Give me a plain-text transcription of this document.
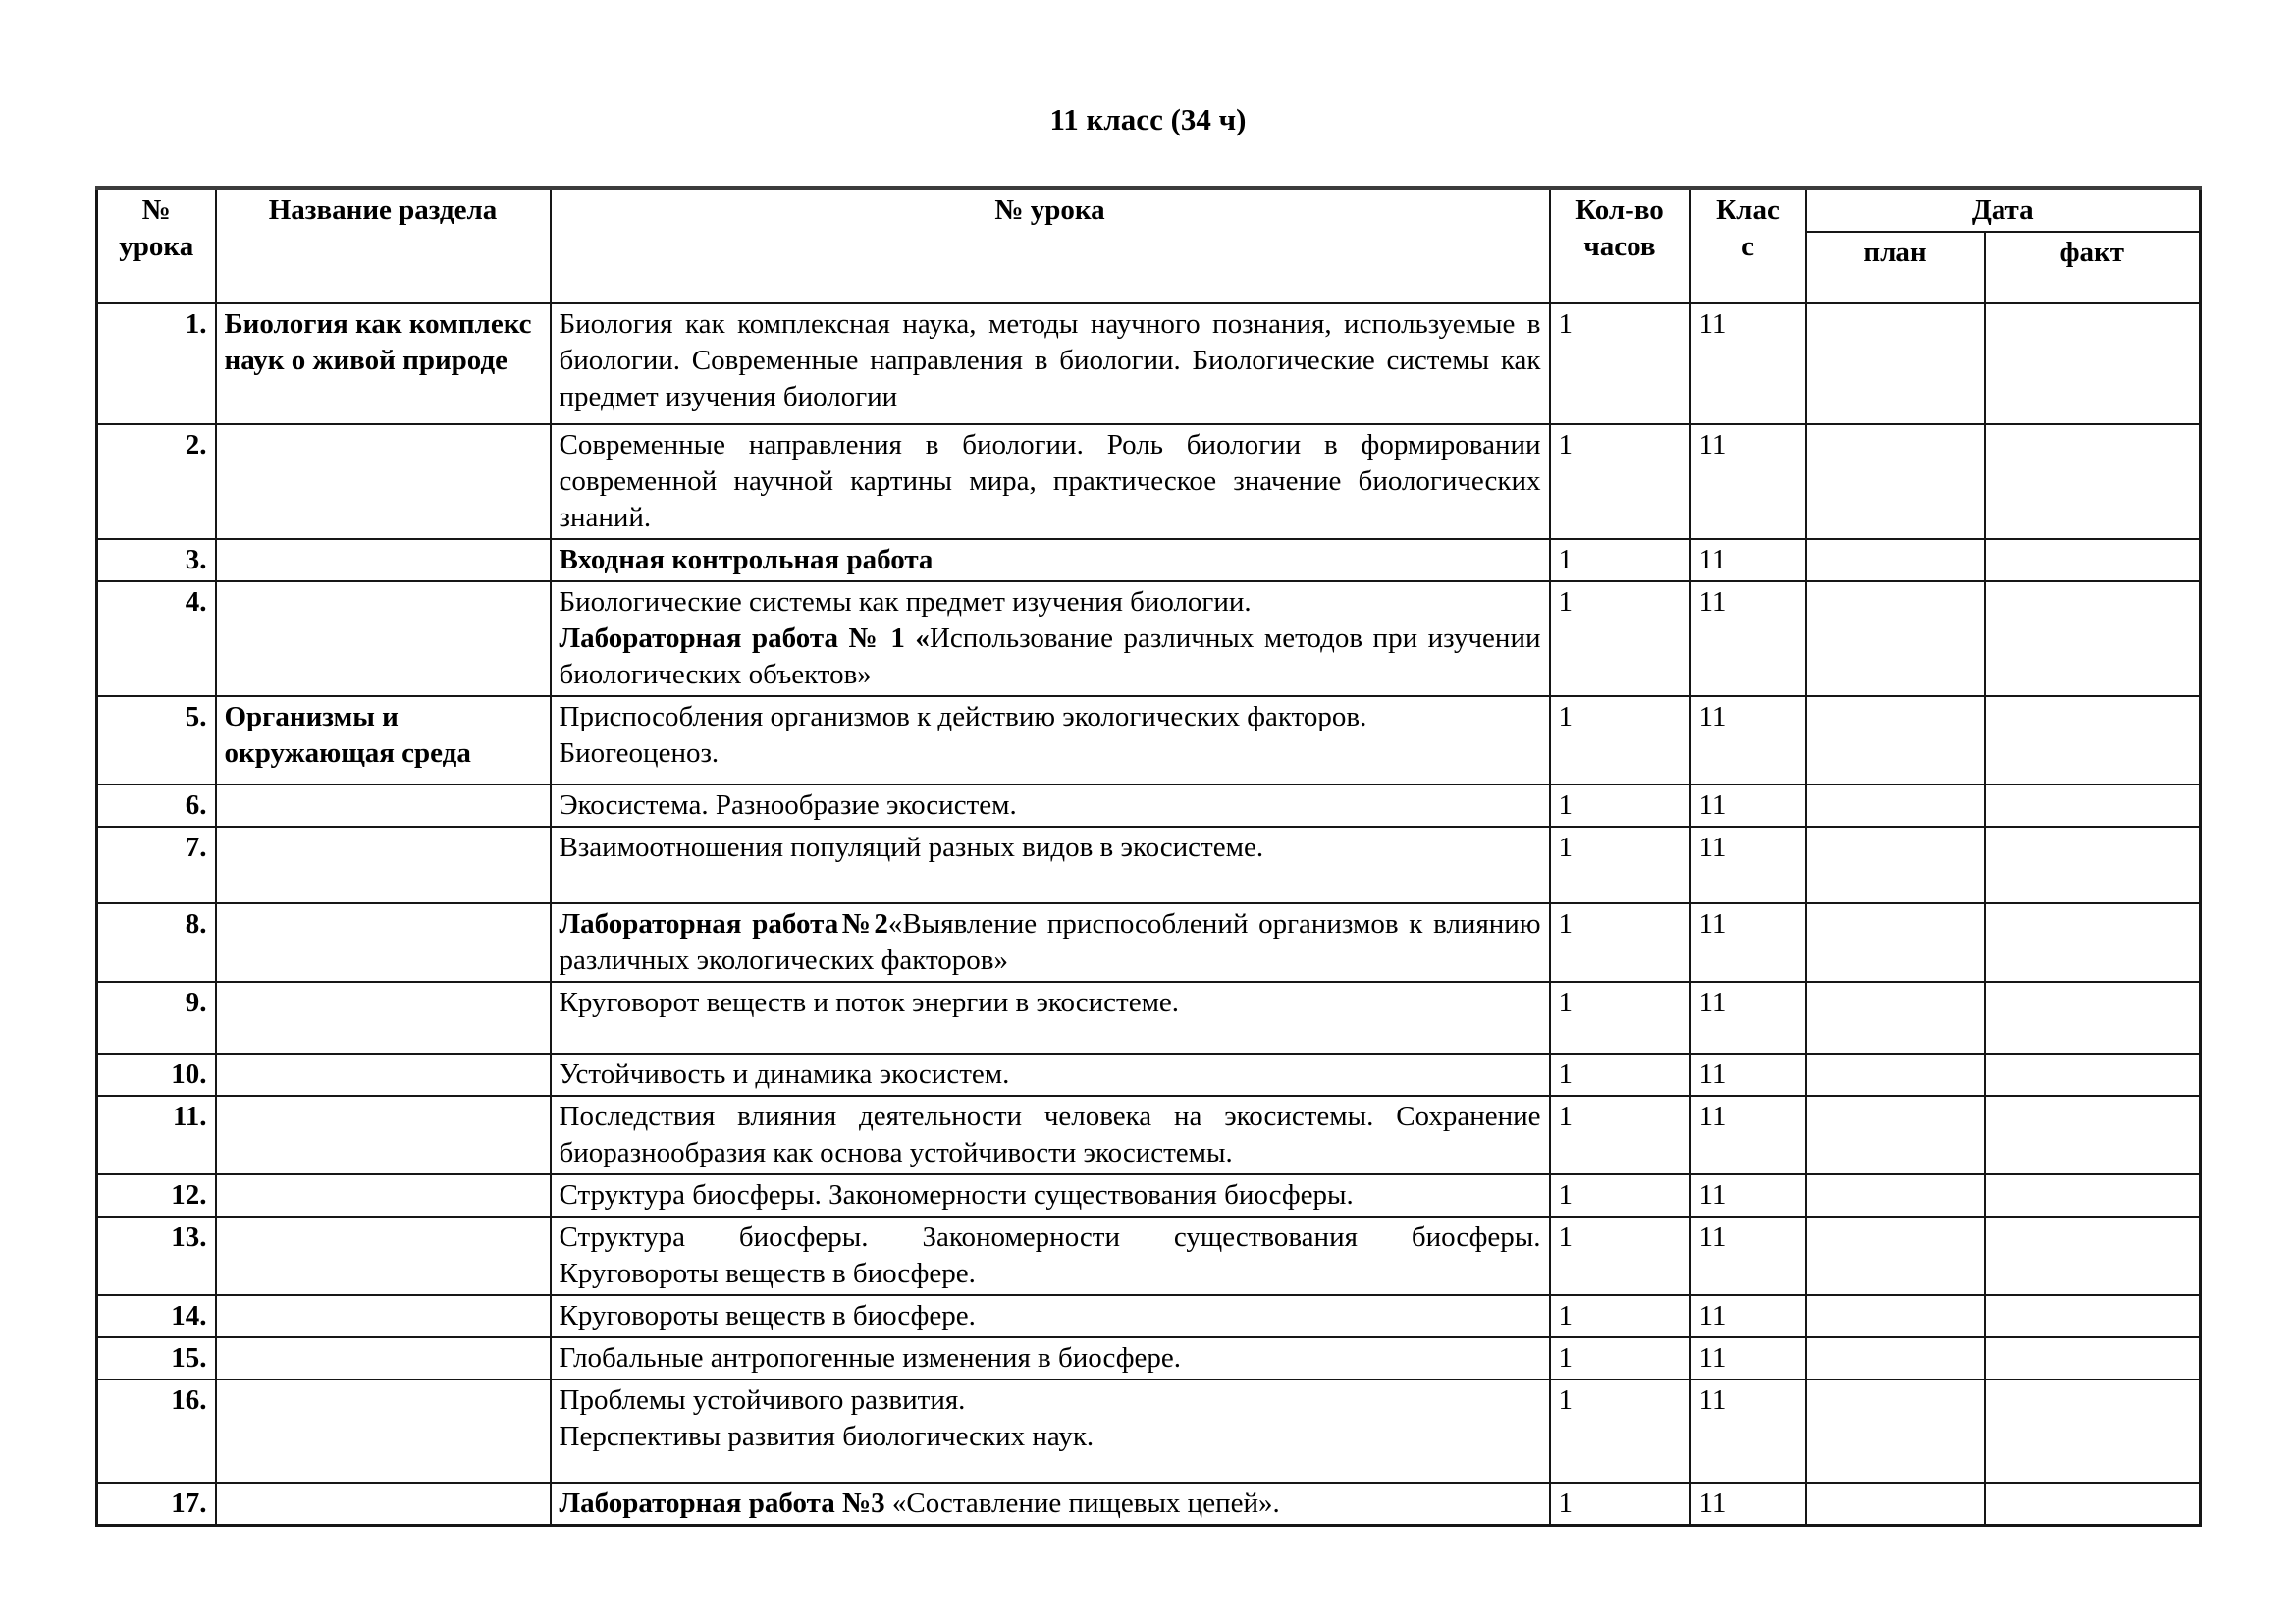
11 класс (34 ч)
№ урока	Название раздела	№ урока	Кол-во часов	Клас с	Дата	
					план	факт
1.	Биология как комплекс наук о живой природе	Биология как комплексная наука, методы научного познания, используемые в биологии. Современные направления в биологии. Биологические системы как предмет изучения биологии	1	11		
2.		Современные направления в биологии. Роль биологии в формировании современной научной картины мира, практическое значение биологических знаний.	1	11		
3.		Входная контрольная работа	1	11		
4.		Биологические системы как предмет изучения биологии.
Лабораторная работа № 1 «Использование различных методов при изучении биологических объектов»	1	11		
5.	Организмы и окружающая среда	Приспособления организмов к действию экологических факторов.
Биогеоценоз.	1	11		
6.		Экосистема. Разнообразие экосистем.	1	11		
7.		Взаимоотношения популяций разных видов в экосистеме.	1	11		
8.		Лабораторная работа№2«Выявление приспособлений организмов к влиянию различных экологических факторов»	1	11		
9.		Круговорот веществ и поток энергии в экосистеме.	1	11		
10.		Устойчивость и динамика экосистем.	1	11		
11.		Последствия влияния деятельности человека на экосистемы. Сохранение биоразнообразия как основа устойчивости экосистемы.	1	11		
12.		Структура биосферы. Закономерности существования биосферы.	1	11		
13.		Структура биосферы. Закономерности существования биосферы.
Круговороты веществ в биосфере.	1	11		
14.		Круговороты веществ в биосфере.	1	11		
15.		Глобальные антропогенные изменения в биосфере.	1	11		
16.		Проблемы устойчивого развития.
Перспективы развития биологических наук.	1	11		
17.		Лабораторная работа №3 «Составление пищевых цепей».	1	11		
